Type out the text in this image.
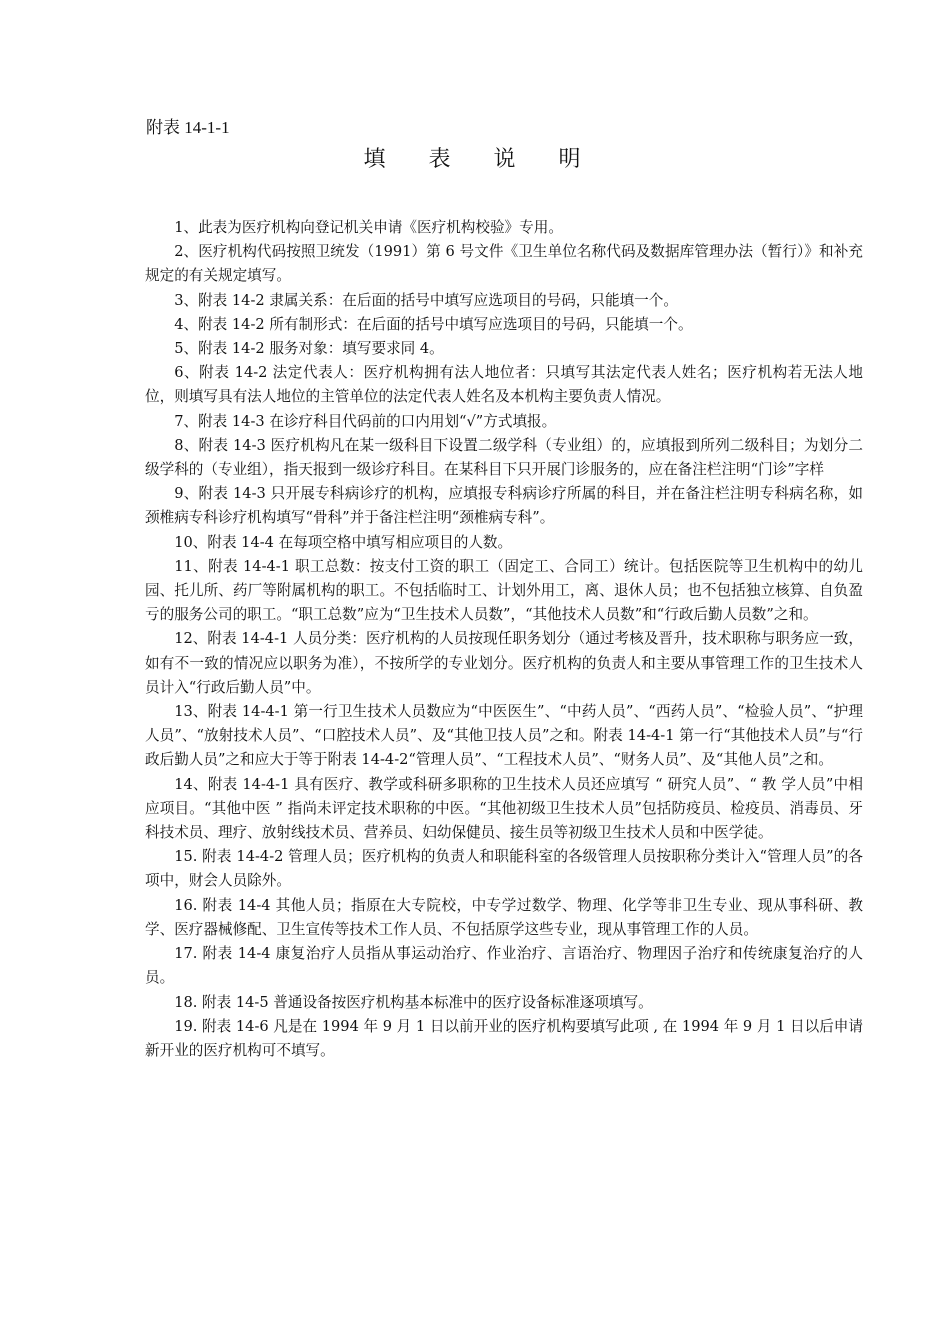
附表 14-1-1
填 表 说 明
1、此表为医疗机构向登记机关申请《医疗机构校验》专用。
2、医疗机构代码按照卫统发（1991）第 6 号文件《卫生单位名称代码及数据库管理办法（暂行）》和补充规定的有关规定填写。
3、附表 14-2 隶属关系：在后面的括号中填写应选项目的号码，只能填一个。
4、附表 14-2 所有制形式：在后面的括号中填写应选项目的号码，只能填一个。
5、附表 14-2 服务对象：填写要求同 4。
6、附表 14-2 法定代表人：医疗机构拥有法人地位者：只填写其法定代表人姓名；医疗机构若无法人地位，则填写具有法人地位的主管单位的法定代表人姓名及本机构主要负责人情况。
7、附表 14-3 在诊疗科目代码前的口内用划“√”方式填报。
8、附表 14-3 医疗机构凡在某一级科目下设置二级学科（专业组）的，应填报到所列二级科目；为划分二级学科的（专业组），指天报到一级诊疗科目。在某科目下只开展门诊服务的，应在备注栏注明“门诊”字样
9、附表 14-3 只开展专科病诊疗的机构，应填报专科病诊疗所属的科目，并在备注栏注明专科病名称，如颈椎病专科诊疗机构填写“骨科”并于备注栏注明“颈椎病专科”。
10、附表 14-4 在每项空格中填写相应项目的人数。
11、附表 14-4-1 职工总数：按支付工资的职工（固定工、合同工）统计。包括医院等卫生机构中的幼儿园、托儿所、药厂等附属机构的职工。不包括临时工、计划外用工，离、退休人员；也不包括独立核算、自负盈亏的服务公司的职工。“职工总数”应为“卫生技术人员数”，“其他技术人员数”和“行政后勤人员数”之和。
12、附表 14-4-1 人员分类：医疗机构的人员按现任职务划分（通过考核及晋升，技术职称与职务应一致，如有不一致的情况应以职务为准），不按所学的专业划分。医疗机构的负责人和主要从事管理工作的卫生技术人员计入“行政后勤人员”中。
13、附表 14-4-1 第一行卫生技术人员数应为“中医医生”、“中药人员”、“西药人员”、“检验人员”、“护理人员”、“放射技术人员”、“口腔技术人员”、及“其他卫技人员”之和。附表 14-4-1 第一行“其他技术人员”与“行政后勤人员”之和应大于等于附表 14-4-2“管理人员”、“工程技术人员”、“财务人员”、及“其他人员”之和。
14、附表 14-4-1 具有医疗、教学或科研多职称的卫生技术人员还应填写 “ 研究人员”、“ 教 学人员”中相应项目。“其他中医 ” 指尚未评定技术职称的中医。“其他初级卫生技术人员”包括防疫员、检疫员、消毒员、牙科技术员、理疗、放射线技术员、营养员、妇幼保健员、接生员等初级卫生技术人员和中医学徒。
15. 附表 14-4-2 管理人员；医疗机构的负责人和职能科室的各级管理人员按职称分类计入“管理人员”的各项中，财会人员除外。
16. 附表 14-4 其他人员；指原在大专院校，中专学过数学、物理、化学等非卫生专业、现从事科研、教学、医疗器械修配、卫生宣传等技术工作人员、不包括原学这些专业，现从事管理工作的人员。
17. 附表 14-4 康复治疗人员指从事运动治疗、作业治疗、言语治疗、物理因子治疗和传统康复治疗的人员。
18. 附表 14-5 普通设备按医疗机构基本标准中的医疗设备标准逐项填写。
19. 附表 14-6 凡是在 1994 年 9 月 1 日以前开业的医疗机构要填写此项 , 在 1994 年 9 月 1 日以后申请新开业的医疗机构可不填写。
